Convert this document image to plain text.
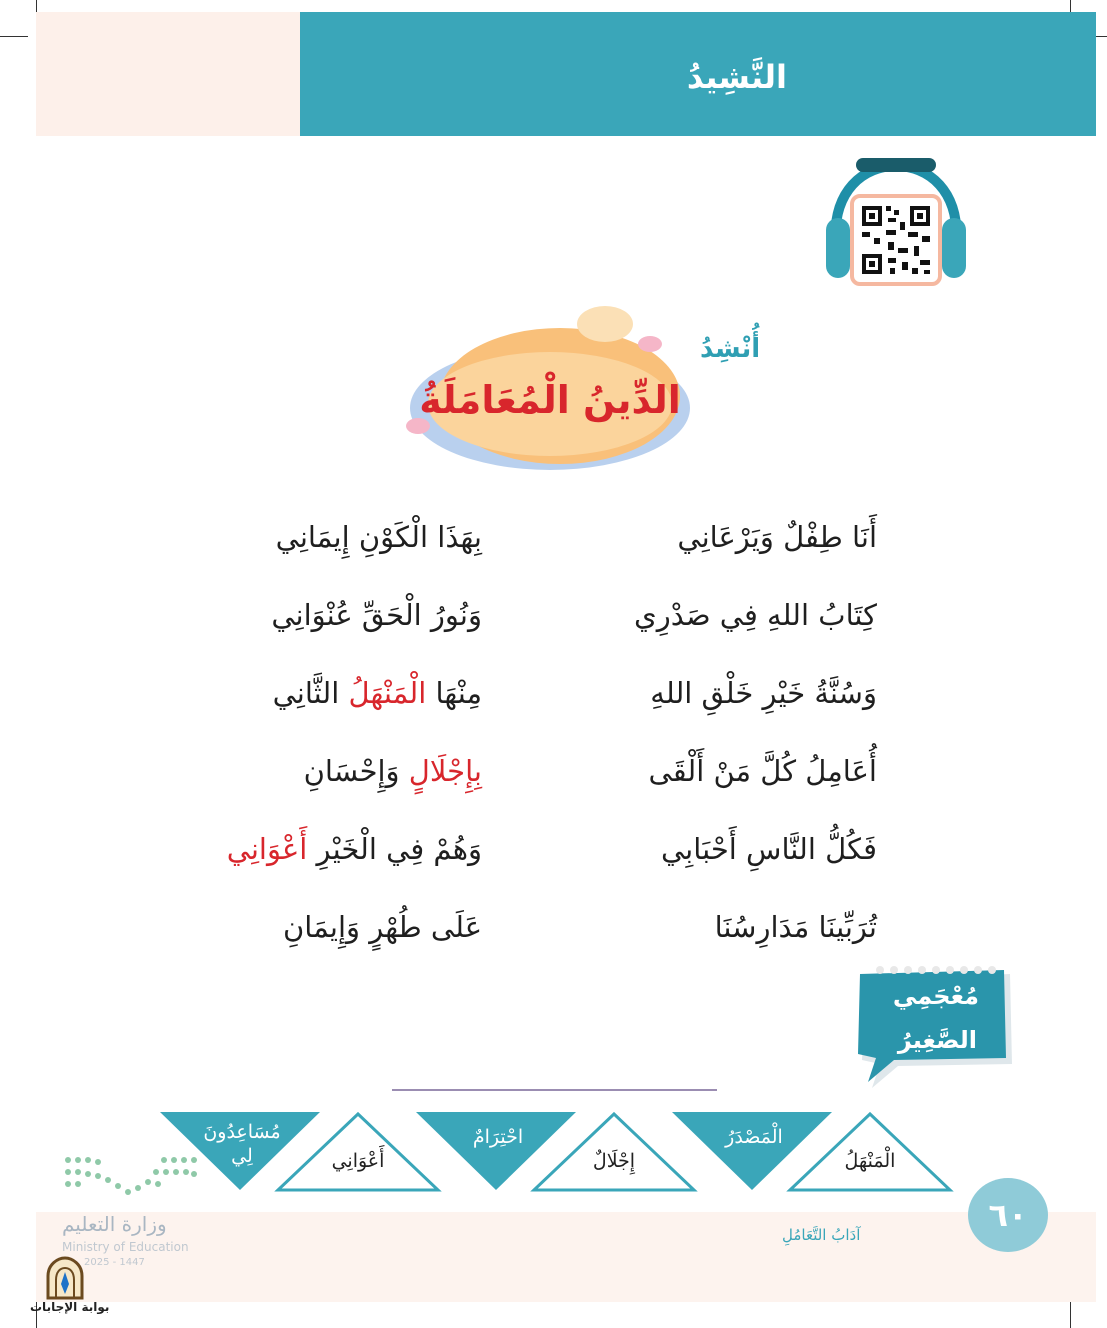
النَّشِيدُ
أُنْشِدُ
الدِّينُ الْمُعَامَلَةُ
أَنَا طِفْلٌ وَيَرْعَانِي
كِتَابُ اللهِ فِي صَدْرِي
وَسُنَّةُ خَيْرِ خَلْقِ اللهِ
أُعَامِلُ كُلَّ مَنْ أَلْقَى
فَكُلُّ النَّاسِ أَحْبَابِي
تُرَبِّينَا مَدَارِسُنَا
بِهَذَا الْكَوْنِ إِيمَانِي
وَنُورُ الْحَقِّ عُنْوَانِي
مِنْهَا الْمَنْهَلُ الثَّانِي
بِإِجْلَالٍ وَإِحْسَانِ
وَهُمْ فِي الْخَيْرِ أَعْوَانِي
عَلَى طُهْرٍ وَإِيمَانِ
مُعْجَمِي
الصَّغِيرُ
الْمَنْهَلُ
الْمَصْدَرُ
إِجْلَالٌ
احْتِرَامٌ
أَعْوَانِي
مُسَاعِدُونَ لِي
٦٠
آدَابُ التَّعَامُلِ
وزارة التعليم
Ministry of Education
2025 - 1447
بوابة الإجابات
